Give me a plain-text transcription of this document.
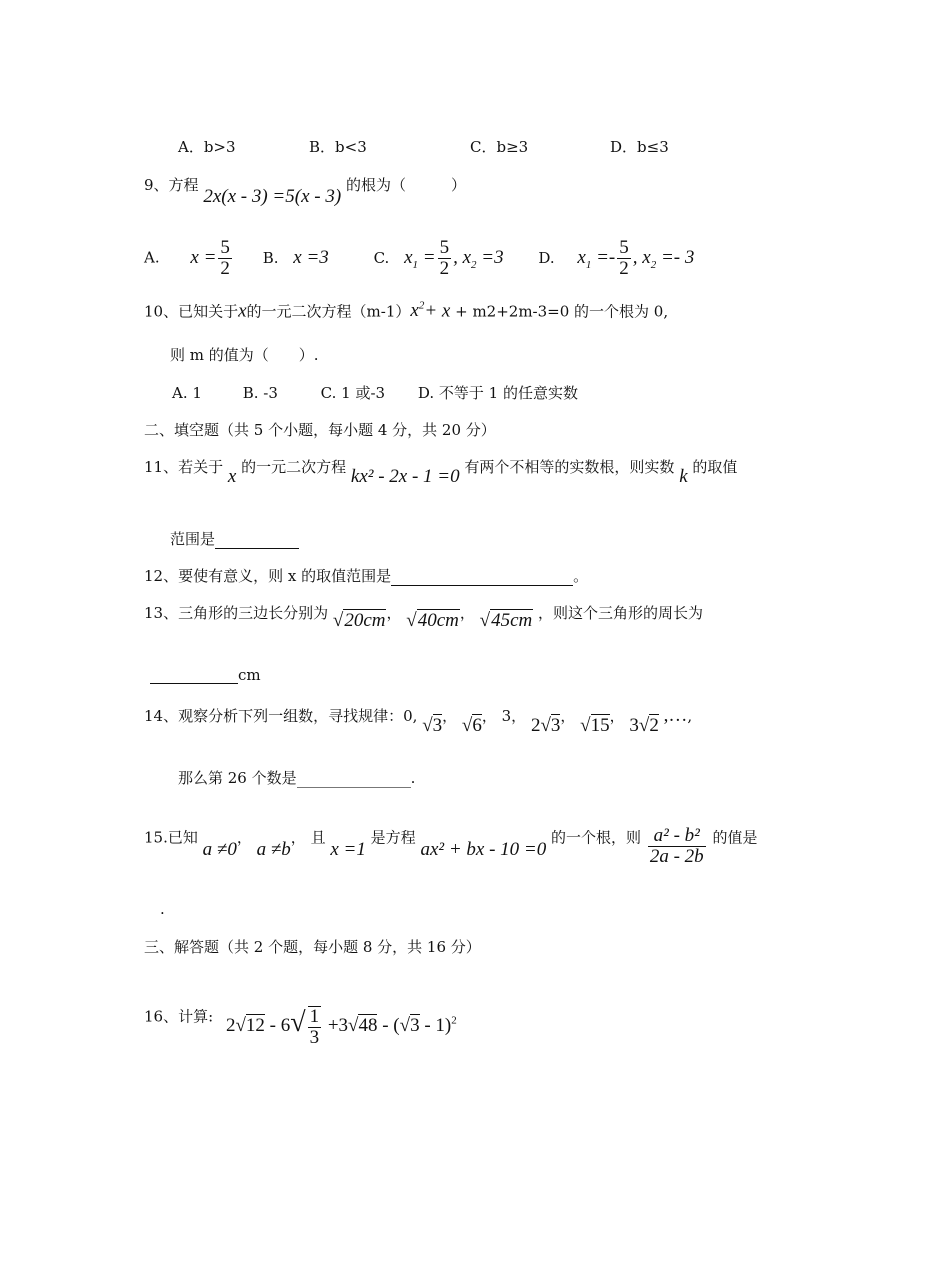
A．b>3	B．b<3	C．b≥3	D．b≤3
9、方程 2x(x - 3) =5(x - 3) 的根为（　　　）
A. $x = \frac{5}{2} B$. x =3	C. $x_1 = \frac{5}{2}$ , $x_2 =3$ D. $x_1 =- \frac{5}{2}$ , $x_2 =- 3$
10、已知关于x的一元二次方程$(m-1)x^2+ x + m2+2m-3=0$ 的一个根为 0,
则 m 的值为（　　）.
A. 1	B. -3	C. 1 或-3 D. 不等于 1 的任意实数
二、填空题（共 5 个小题，每小题 4 分，共 20 分）
11、若关于 x 的一元二次方程 kx² - 2x - 1 =0 有两个不相等的实数根，则实数 k 的取值
范围是
12、要使有意义，则 x 的取值范围是	。
13、三角形的三边长分别为 √20cm， √40cm， √45cm ，则这个三角形的周长为
cm
14、观察分析下列一组数，寻找规律：0, √3， √6， 3， 2√3， √15， 3√2 ,…,
那么第 26 个数是	.
15.已知 a ≠0， a ≠b， 且 x =1 是方程 ax² + bx - 10 =0 的一个根，则 $\frac{\text{a² - b²}}{2a - 2b}$ 的值是
.
三、解答题（共 2 个题，每小题 8 分，共 16 分）
16、计算: $2√12 - 6√ \frac{1}{3} +3√48 - (√3 - 1)^2$
